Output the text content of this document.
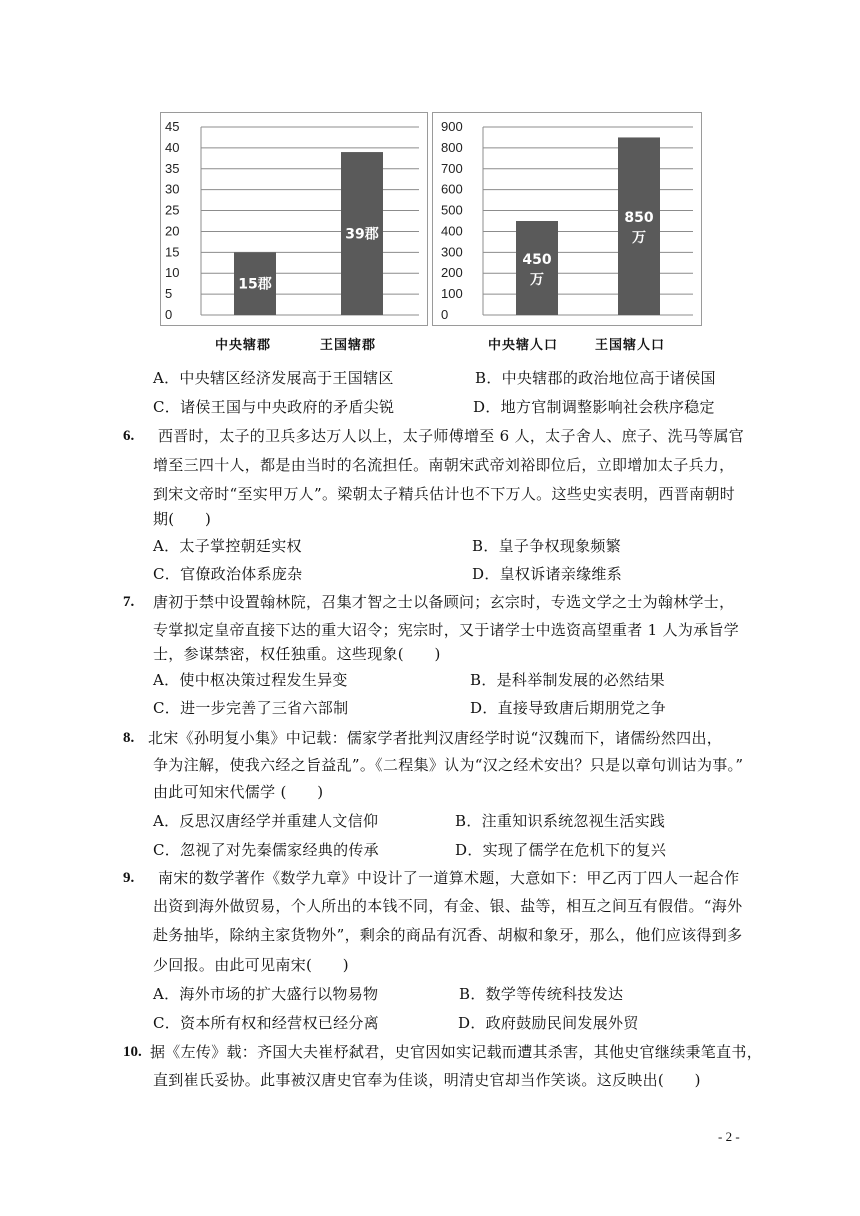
0
5
10
15
20
25
30
35
40
45
15郡
39郡
0
100
200
300
400
500
600
700
800
900
450
万
850
万
中央辖郡	王国辖郡	中央辖人口	王国辖人口
A．中央辖区经济发展高于王国辖区	B．中央辖郡的政治地位高于诸侯国
C．诸侯王国与中央政府的矛盾尖锐	D．地方官制调整影响社会秩序稳定
6. 西晋时，太子的卫兵多达万人以上，太子师傅增至 6 人，太子舍人、庶子、洗马等属官
增至三四十人，都是由当时的名流担任。南朝宋武帝刘裕即位后，立即增加太子兵力，
到宋文帝时“至实甲万人”。梁朝太子精兵估计也不下万人。这些史实表明，西晋南朝时
期(　　)
A．太子掌控朝廷实权	B．皇子争权现象频繁
C．官僚政治体系庞杂	D．皇权诉诸亲缘维系
7. 唐初于禁中设置翰林院，召集才智之士以备顾问；玄宗时，专选文学之士为翰林学士，
专掌拟定皇帝直接下达的重大诏令；宪宗时，又于诸学士中选资高望重者 1 人为承旨学
士，参谋禁密，权任独重。这些现象(　　)
A．使中枢决策过程发生异变	B．是科举制发展的必然结果
C．进一步完善了三省六部制	D．直接导致唐后期朋党之争
8. 北宋《孙明复小集》中记载：儒家学者批判汉唐经学时说“汉魏而下，诸儒纷然四出，
争为注解，使我六经之旨益乱”。《二程集》认为“汉之经术安出？只是以章句训诂为事。”
由此可知宋代儒学 (　　)
A．反思汉唐经学并重建人文信仰	B．注重知识系统忽视生活实践
C．忽视了对先秦儒家经典的传承	D．实现了儒学在危机下的复兴
9. 南宋的数学著作《数学九章》中设计了一道算术题，大意如下：甲乙丙丁四人一起合作
出资到海外做贸易，个人所出的本钱不同，有金、银、盐等，相互之间互有假借。“海外
赴务抽毕，除纳主家货物外”，剩余的商品有沉香、胡椒和象牙，那么，他们应该得到多
少回报。由此可见南宋(　　)
A．海外市场的扩大盛行以物易物	B．数学等传统科技发达
C．资本所有权和经营权已经分离	D．政府鼓励民间发展外贸
10. 据《左传》载：齐国大夫崔杼弑君，史官因如实记载而遭其杀害，其他史官继续秉笔直书，
直到崔氏妥协。此事被汉唐史官奉为佳谈，明清史官却当作笑谈。这反映出(　　)
- 2 -
